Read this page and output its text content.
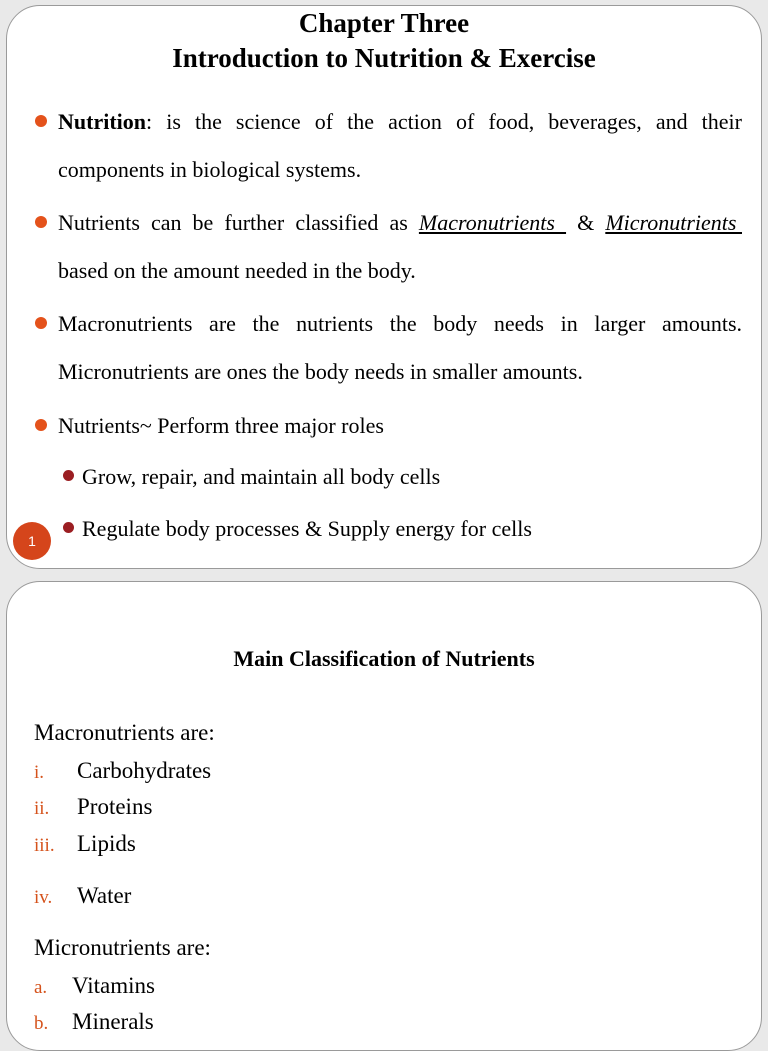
Chapter Three
Introduction to Nutrition & Exercise
Nutrition: is the science of the action of food, beverages, and their components in biological systems.
Nutrients can be further classified as Macronutrients  & Micronutrients  based on the amount needed in the body.
Macronutrients are the nutrients the body needs in larger amounts. Micronutrients are ones the body needs in smaller amounts.
Nutrients~ Perform three major roles
Grow, repair, and maintain all body cells
Regulate body processes & Supply energy for cells
1
Main Classification of Nutrients
Macronutrients are:
i. Carbohydrates
ii. Proteins
iii. Lipids
iv. Water
Micronutrients are:
a. Vitamins
b. Minerals
